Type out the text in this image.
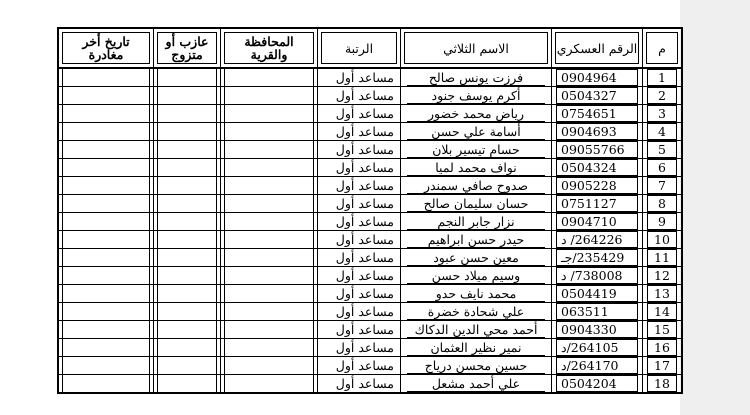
م	الرقم العسكري	الاسم الثلاثي	الرتبة	المحافظة والقرية	عازب أو متزوج	تاريخ أخر مغادرة

1	0904964	فرزت يونس صالح	مساعد أول			

2	0504327	أكرم يوسف جنود	مساعد أول			

3	0754651	رياض محمد خضور	مساعد أول			

4	0904693	أسامة علي حسن	مساعد أول			

5	09055766	حسام تيسير بلان	مساعد أول			

6	0504324	نواف محمد لميا	مساعد أول			

7	0905228	صدوح صافي سمندر	مساعد أول			

8	0751127	حسان سليمان صالح	مساعد أول			

9	0904710	نزار جابر النجم	مساعد أول			

10	264226/ د	حيدر حسن ابراهيم	مساعد أول			

11	235429/جـ	معين حسن عبود	مساعد أول			

12	738008/ د	وسيم ميلاد حسن	مساعد أول			

13	0504419	محمد نايف حدو	مساعد أول			

14	063511	علي شحادة خضرة	مساعد أول			

15	0904330	أحمد محي الدين الدكاك	مساعد أول			

16	264105/د	نمير نظير العثمان	مساعد أول			

17	264170/د	حسين محسن درياج	مساعد أول			

18	0504204	علي أحمد مشعل	مساعد أول			
